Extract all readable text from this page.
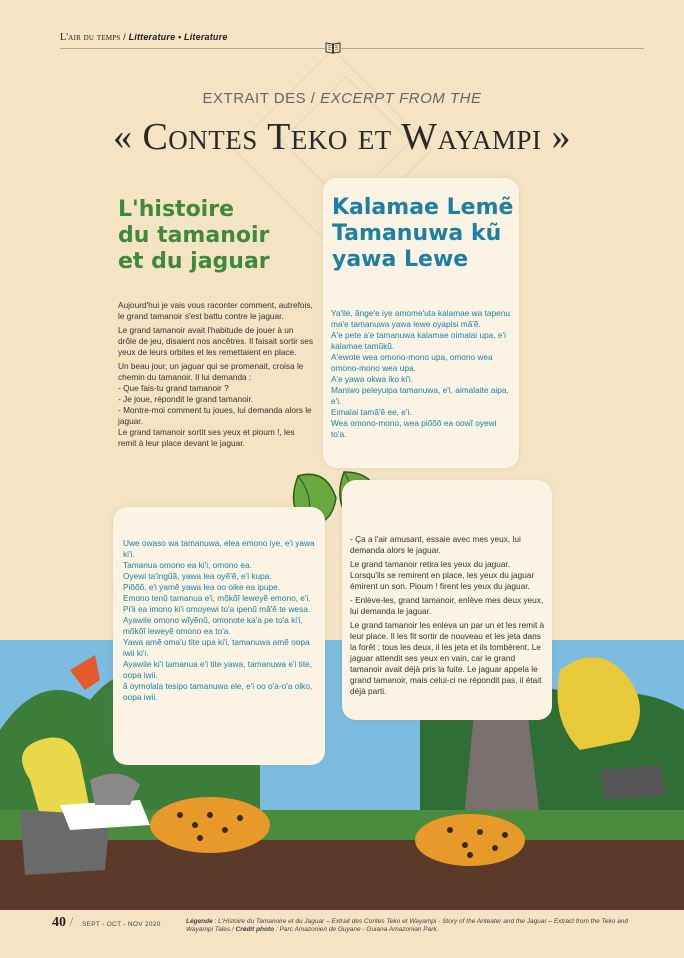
L'air du temps / Litterature • Literature
EXTRAIT DES / EXCERPT FROM THE
« Contes Teko et Wayampi »
L'histoire
du tamanoir
et du jaguar
Kalamae Lemẽ
Tamanuwa kũ
yawa Lewe

Aujourd'hui je vais vous raconter comment, autrefois, le grand tamanoir s'est battu contre le jaguar.

Le grand tamanoir avait l'habitude de jouer à un drôle de jeu, disaient nos ancêtres. Il faisait sortir ses yeux de leurs orbites et les remettaient en place.

Un beau jour, un jaguar qui se promenait, croisa le chemin du tamanoir. Il lui demanda :

- Que fais-tu grand tamanoir ?

- Je joue, répondit le grand tamanoir.

- Montre-moi comment tu joues, lui demanda alors le jaguar.

Le grand tamanoir sortit ses yeux et pioum !, les remit à leur place devant le jaguar.

Ya'ile, ãnge'e iye amome'uta kalamae wa tapenu ma'e tamanuwa yawa lewe oyapisi mã'ẽ.

A'e pete a'e tamanuwa kalamae oimalai upa, e'i kalamae tamũkũ.

A'ewote wea omono-mono upa, omono wea omono-mono wea upa.

A'e yawa okwa iko ki'i.

Maniwo peleyuipa tamanuwa, e'i, aimalaite aipa, e'i.

Eimalai tamã'ẽ ee, e'i.

Wea omono-mono, wea piõõõ ea oowĩ oyewi to'a.

Uwe owaso wa tamanuwa, elea emono iye, e'i yawa ki'i.

Tamanua omono ea ki'i, omono ea.

Oyewi ta'ingũã, yawa lea oyẽ'ẽ, e'i kupa.

Piõõõ, e'i yamẽ yawa lea oo oike ea ipupe.

Emono tenũ tamanua e'i, mõkõĩ leweyẽ emono, e'i.

Pi'ii ea imono ki'i omoyewi to'a ipenũ mã'ẽ te wesa.

Ayawile omono wĩyẽnũ, omonote ka'a pe to'a ki'i, mõkõĩ leweyẽ omono ea to'a.

Yawa amẽ oma'u tite upa ki'i, tamanuwa amẽ oopa iwii ki'i.

Ayawile ki'i tamanua e'i tite yawa, tamanuwa e'i tite, oopa iwii.

ã oymolala tesipo tamanuwa ele, e'i oo o'a-o'a olko, oopa iwii.

- Ça a l'air amusant, essaie avec mes yeux, lui demanda alors le jaguar.

Le grand tamanoir retira les yeux du jaguar. Lorsqu'ils se remirent en place, les yeux du jaguar émirent un son. Pioum ! firent les yeux du jaguar.

- Enlève-les, grand tamanoir, enlève mes deux yeux, lui demanda le jaguar.

Le grand tamanoir les enleva un par un et les remit à leur place. Il les fit sortir de nouveau et les jeta dans la forêt ; tous les deux, il les jeta et ils tombèrent. Le jaguar attendit ses yeux en vain, car le grand tamanoir avait déjà pris la fuite. Le jaguar appela le grand tamanoir, mais celui-ci ne répondit pas, il était déjà parti.

40 / SEPT - OCT - NOV 2020	Légende : L'Histoire du Tamanoire et du Jaguar – Extrait des Contes Teko et Wayampi - Story of the Anteater and the Jaguar – Extract from the Teko and Wayampi Tales / Crédit photo : Parc Amazonien de Guyane - Guiana Amazonian Park.
